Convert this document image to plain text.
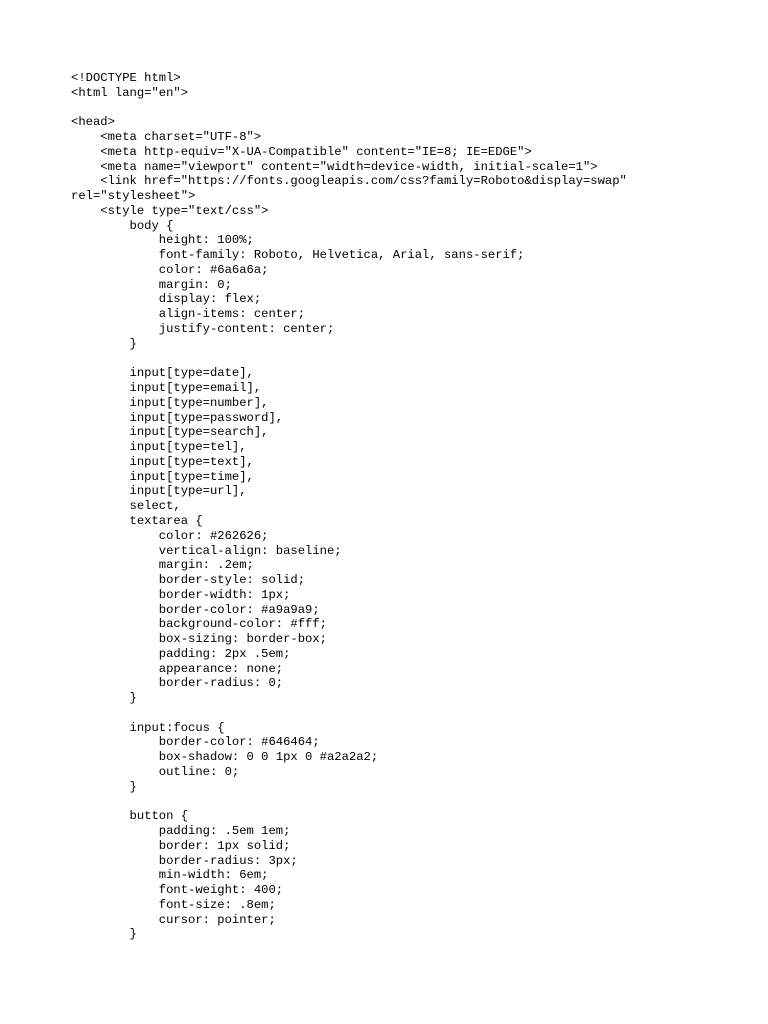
<!DOCTYPE html>
<html lang="en">
<head>
<meta charset="UTF-8">
<meta http-equiv="X-UA-Compatible" content="IE=8; IE=EDGE">
<meta name="viewport" content="width=device-width, initial-scale=1">
<link href="https://fonts.googleapis.com/css?family=Roboto&display=swap"
rel="stylesheet">
<style type="text/css">
body {
height: 100%;
font-family: Roboto, Helvetica, Arial, sans-serif;
color: #6a6a6a;
margin: 0;
display: flex;
align-items: center;
justify-content: center;
}
input[type=date],
input[type=email],
input[type=number],
input[type=password],
input[type=search],
input[type=tel],
input[type=text],
input[type=time],
input[type=url],
select,
textarea {
color: #262626;
vertical-align: baseline;
margin: .2em;
border-style: solid;
border-width: 1px;
border-color: #a9a9a9;
background-color: #fff;
box-sizing: border-box;
padding: 2px .5em;
appearance: none;
border-radius: 0;
}
input:focus {
border-color: #646464;
box-shadow: 0 0 1px 0 #a2a2a2;
outline: 0;
}
button {
padding: .5em 1em;
border: 1px solid;
border-radius: 3px;
min-width: 6em;
font-weight: 400;
font-size: .8em;
cursor: pointer;
}
